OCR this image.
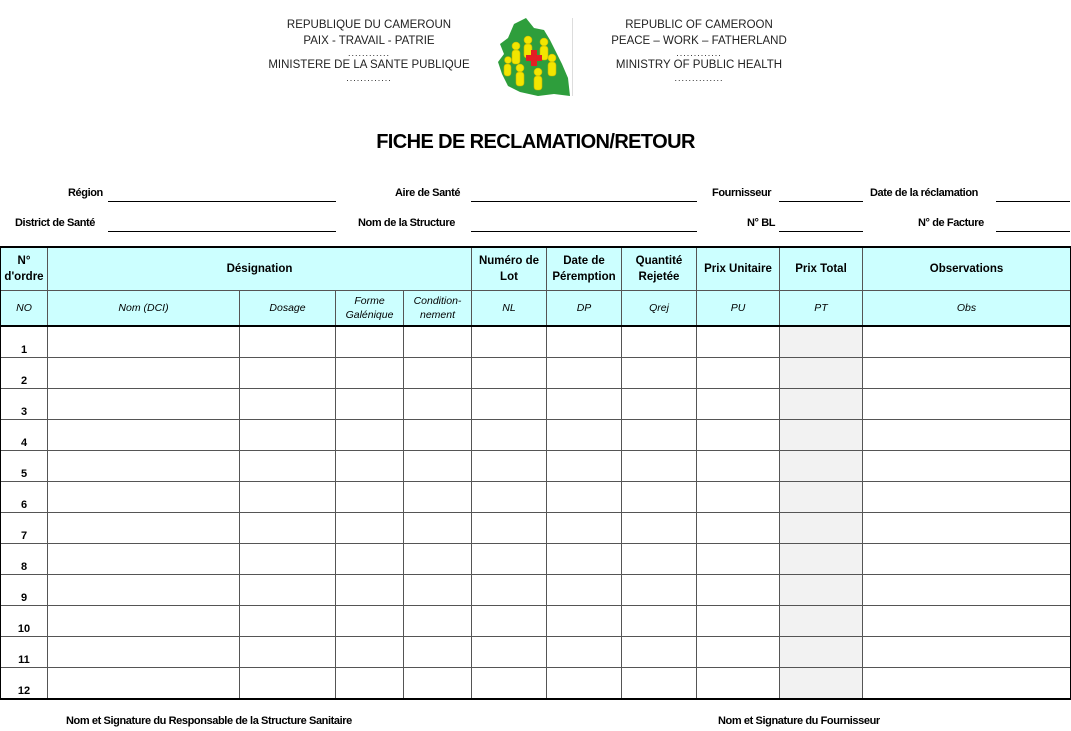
REPUBLIQUE DU CAMEROUN
PAIX - TRAVAIL - PATRIE
............
MINISTERE DE LA SANTE PUBLIQUE
.............
REPUBLIC OF CAMEROON
PEACE – WORK – FATHERLAND
.............
MINISTRY OF PUBLIC HEALTH
..............
FICHE DE RECLAMATION/RETOUR
Région	Aire de Santé	Fournisseur	Date de la réclamation
District de Santé	Nom de la Structure	N° BL	N° de Facture
N° d'ordre	Désignation				Numéro de Lot	Date de Péremption	Quantité Rejetée	Prix Unitaire	Prix Total	Observations
NO	Nom (DCI)	Dosage	Forme Galénique	Condition-nement	NL	DP	Qrej	PU	PT	Obs
1										
2										
3										
4										
5										
6										
7										
8										
9										
10										
11										
12										
Nom et Signature du Responsable de la Structure Sanitaire	Nom et Signature du Fournisseur
